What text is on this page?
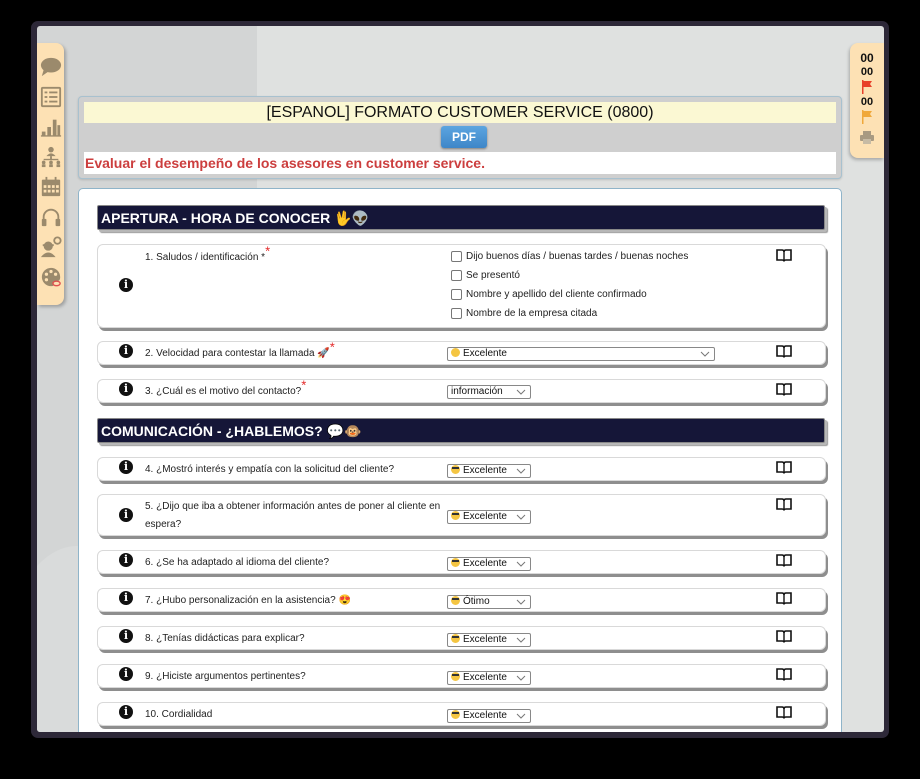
00
00
00
[ESPANOL] FORMATO CUSTOMER SERVICE (0800)
PDF
Evaluar el desempeño de los asesores en customer service.
APERTURA - HORA DE CONOCER 🖖👽
i
1. Saludos / identificación **	Dijo buenos días / buenas tardes / buenas noches
Se presentó
Nombre y apellido del cliente confirmado
Nombre de la empresa citada
i	2. Velocidad para contestar la llamada 🚀*	Excelente
i	3. ¿Cuál es el motivo del contacto?*	información
COMUNICACIÓN - ¿HABLEMOS? 💬🐵
i	4. ¿Mostró interés y empatía con la solicitud del cliente?	Excelente
i
5. ¿Dijo que iba a obtener información antes de poner al cliente en
espera?
Excelente
i	6. ¿Se ha adaptado al idioma del cliente?	Excelente
i	7. ¿Hubo personalización en la asistencia? 😍	Ótimo
i	8. ¿Tenías didácticas para explicar?	Excelente
i	9. ¿Hiciste argumentos pertinentes?	Excelente
i	10. Cordialidad	Excelente
